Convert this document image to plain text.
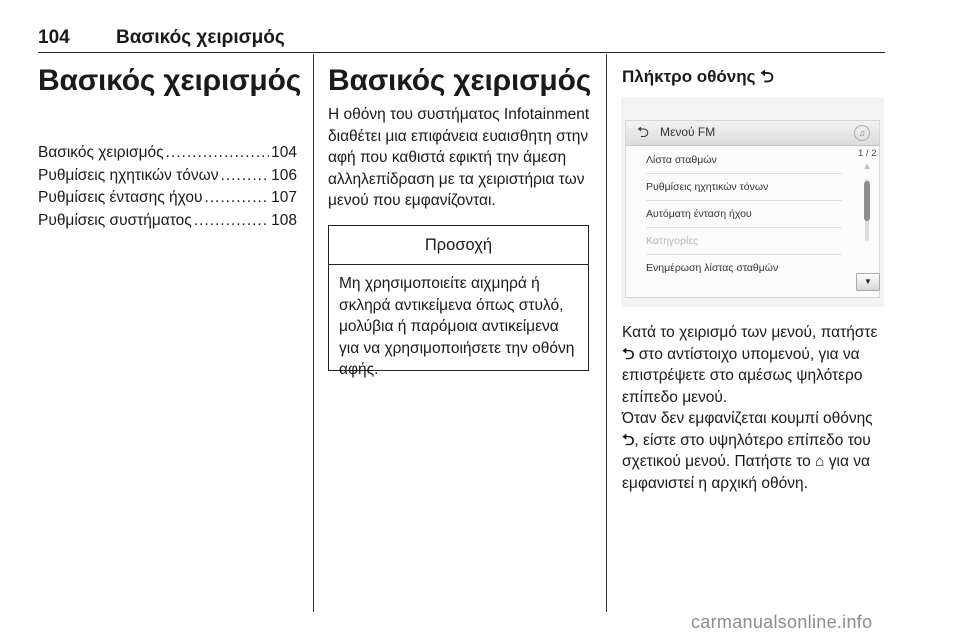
104 Βασικός χειρισμός
Βασικός χειρισμός
Βασικός χειρισμός .....	104
Ρυθμίσεις ηχητικών τόνων .....	106
Ρυθμίσεις έντασης ήχου .....	107
Ρυθμίσεις συστήματος .....	108
Βασικός χειρισμός
Η οθόνη του συστήματος Infotainment διαθέτει μια επιφάνεια ευαισθητη στην αφή που καθιστά εφικτή την άμεση αλληλεπίδραση με τα χειριστήρια των μενού που εμφανίζονται.
Προσοχή
Μη χρησιμοποιείτε αιχμηρά ή σκληρά αντικείμενα όπως στυλό, μολύβια ή παρόμοια αντικείμενα για να χρησιμοποιήσετε την οθόνη αφής.
Πλήκτρο οθόνης ⮌
⮌ Μενού FM	♫
Λίστα σταθμών
Ρυθμίσεις ηχητικών τόνων
Αυτόματη ένταση ήχου
Κατηγορίες
Ενημέρωση λίστας σταθμών
1 / 2
▲
▼
Κατά το χειρισμό των μενού, πατήστε ⮌ στο αντίστοιχο υπομενού, για να επιστρέψετε στο αμέσως ψηλότερο επίπεδο μενού.
Όταν δεν εμφανίζεται κουμπί οθόνης ⮌, είστε στο υψηλότερο επίπεδο του σχετικού μενού. Πατήστε το ⌂ για να εμφανιστεί η αρχική οθόνη.
carmanualsonline.info
